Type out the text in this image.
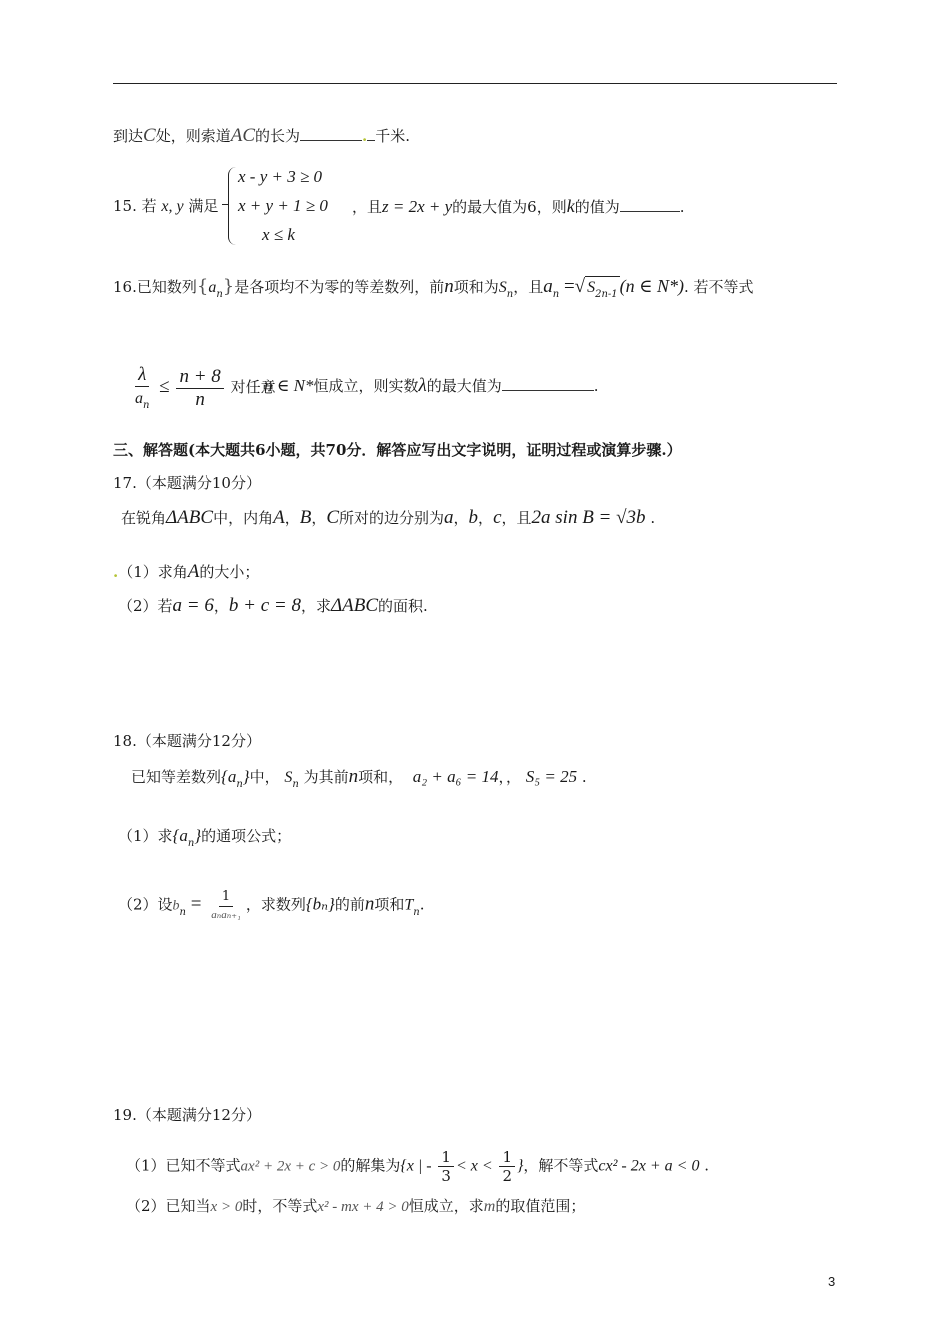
到达C处，则索道AC的长为	. 千米.
15. 若 x, y 满足
x - y + 3 ≥ 0
x + y + 1 ≥ 0
x ≤ k
，且z = 2x + y的最大值为6，则k的值为	.
16.已知数列$\{a_n\}$是各项均不为零的等差数列，前n项和为$S_n$，且$a_n$ =√ $S_{2n-1}$ (n ∈ N*). 若不等式
$\frac{\lambda}{a_n} \le \frac{n + 8}{n}$ 对任意
n ∈ N*恒成立，则实数λ的最大值为	.
三、解答题(本大题共6小题，共70分．解答应写出文字说明，证明过程或演算步骤.）
17.（本题满分10分）
在锐角ΔABC中，内角A，B，C所对的边分别为a，b，c，且2a sin B = √3b .
.（1）求角A的大小；
（2）若a = 6，b + c = 8，求ΔABC的面积.
18.（本题满分12分）
已知等差数列$\{a_n\}$中， $S_n$ 为其前n项和， a₂ + a₆ = 14，， S₅ = 25 .
（1）求$\{a_n\}$的通项公式；
（2）设$b_n = \frac{1}{\text{aₙaₙ₊₁}}$ ，求数列{bₙ}的前n项和$T_n$.
19.（本题满分12分）
（1）已知不等式ax² + 2x + c > 0的解集为{x | - $\frac{1}{3} < x < \frac{1}{2}$ }，解不等式cx² - 2x + a < 0 .
（2）已知当x > 0时，不等式x² - mx + 4 > 0恒成立，求m的取值范围；
3
